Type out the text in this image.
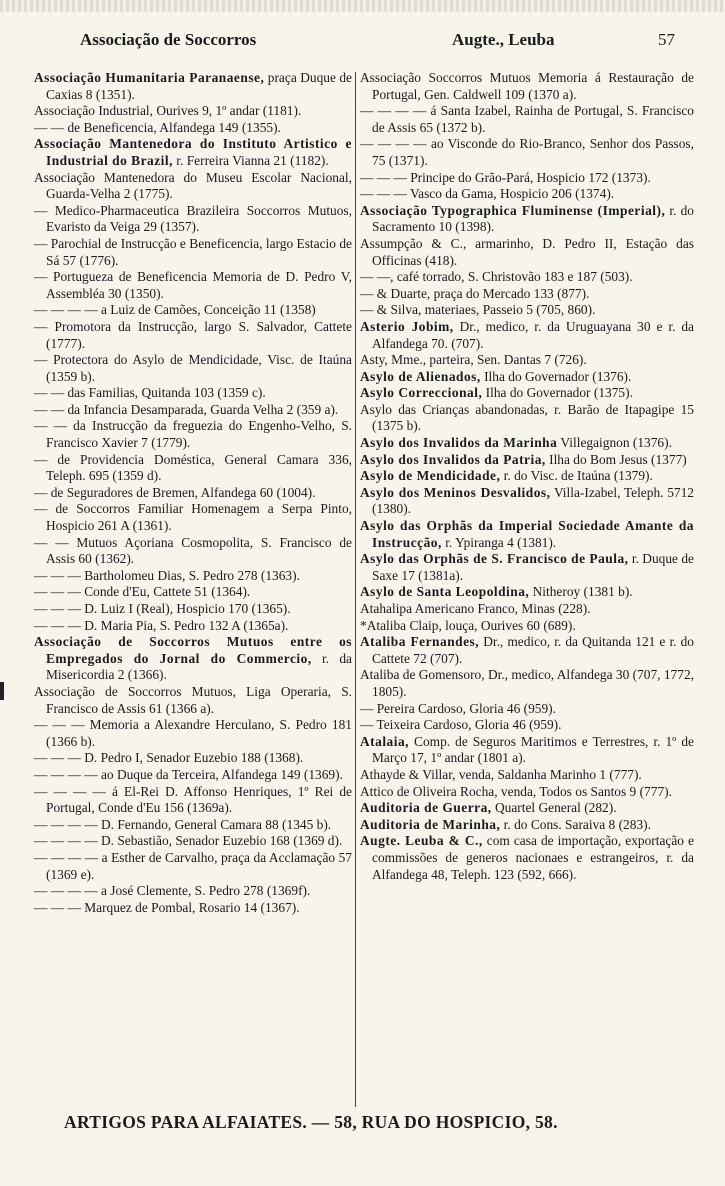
Associação de Soccorros	Augte., Leuba	57

Associação Humanitaria Paranaense, praça Duque de Caxias 8 (1351).

Associação Industrial, Ourives 9, 1º andar (1181).

— — de Beneficencia, Alfandega 149 (1355).

Associação Mantenedora do Instituto Artistico e Industrial do Brazil, r. Ferreira Vianna 21 (1182).

Associação Mantenedora do Museu Escolar Nacional, Guarda-Velha 2 (1775).

— Medico-Pharmaceutica Brazileira Soccorros Mutuos, Evaristo da Veiga 29 (1357).

— Parochial de Instrucção e Beneficencia, largo Estacio de Sá 57 (1776).

— Portugueza de Beneficencia Memoria de D. Pedro V, Assembléa 30 (1350).

— — — — a Luiz de Camões, Conceição 11 (1358)

— Promotora da Instrucção, largo S. Salvador, Cattete (1777).

— Protectora do Asylo de Mendicidade, Visc. de Itaúna (1359 b).

— — das Familias, Quitanda 103 (1359 c).

— — da Infancia Desamparada, Guarda Velha 2 (359 a).

— — da Instrucção da freguezia do Engenho-Velho, S. Francisco Xavier 7 (1779).

— de Providencia Doméstica, General Camara 336, Teleph. 695 (1359 d).

— de Seguradores de Bremen, Alfandega 60 (1004).

— de Soccorros Familiar Homenagem a Serpa Pinto, Hospicio 261 A (1361).

— — Mutuos Açoriana Cosmopolita, S. Francisco de Assis 60 (1362).

— — — Bartholomeu Dias, S. Pedro 278 (1363).

— — — Conde d'Eu, Cattete 51 (1364).

— — — D. Luiz I (Real), Hospicio 170 (1365).

— — — D. Maria Pia, S. Pedro 132 A (1365a).

Associação de Soccorros Mutuos entre os Empregados do Jornal do Commercio, r. da Misericordia 2 (1366).

Associação de Soccorros Mutuos, Liga Operaria, S. Francisco de Assis 61 (1366 a).

— — — Memoria a Alexandre Herculano, S. Pedro 181 (1366 b).

— — — D. Pedro I, Senador Euzebio 188 (1368).

— — — — ao Duque da Terceira, Alfandega 149 (1369).

— — — — á El-Rei D. Affonso Henriques, 1º Rei de Portugal, Conde d'Eu 156 (1369a).

— — — — D. Fernando, General Camara 88 (1345 b).

— — — — D. Sebastião, Senador Euzebio 168 (1369 d).

— — — — a Esther de Carvalho, praça da Acclamação 57 (1369 e).

— — — — a José Clemente, S. Pedro 278 (1369f).

— — — Marquez de Pombal, Rosario 14 (1367).

Associação Soccorros Mutuos Memoria á Restauração de Portugal, Gen. Caldwell 109 (1370 a).

— — — — á Santa Izabel, Rainha de Portugal, S. Francisco de Assis 65 (1372 b).

— — — — ao Visconde do Rio-Branco, Senhor dos Passos, 75 (1371).

— — — Principe do Grão-Pará, Hospicio 172 (1373).

— — — Vasco da Gama, Hospicio 206 (1374).

Associação Typographica Fluminense (Imperial), r. do Sacramento 10 (1398).

Assumpção & C., armarinho, D. Pedro II, Estação das Officinas (418).

— —, café torrado, S. Christovão 183 e 187 (503).

— & Duarte, praça do Mercado 133 (877).

— & Silva, materiaes, Passeio 5 (705, 860).

Asterio Jobim, Dr., medico, r. da Uruguayana 30 e r. da Alfandega 70. (707).

Asty, Mme., parteira, Sen. Dantas 7 (726).

Asylo de Alienados, Ilha do Governador (1376).

Asylo Correccional, Ilha do Governador (1375).

Asylo das Crianças abandonadas, r. Barão de Itapagipe 15 (1375 b).

Asylo dos Invalidos da Marinha Villegaignon (1376).

Asylo dos Invalidos da Patria, Ilha do Bom Jesus (1377)

Asylo de Mendicidade, r. do Visc. de Itaúna (1379).

Asylo dos Meninos Desvalidos, Villa-Izabel, Teleph. 5712 (1380).

Asylo das Orphãs da Imperial Sociedade Amante da Instrucção, r. Ypiranga 4 (1381).

Asylo das Orphãs de S. Francisco de Paula, r. Duque de Saxe 17 (1381a).

Asylo de Santa Leopoldina, Nitheroy (1381 b).

Atahalipa Americano Franco, Minas (228).

*Ataliba Claip, louça, Ourives 60 (689).

Ataliba Fernandes, Dr., medico, r. da Quitanda 121 e r. do Cattete 72 (707).

Ataliba de Gomensoro, Dr., medico, Alfandega 30 (707, 1772, 1805).

— Pereira Cardoso, Gloria 46 (959).

— Teixeira Cardoso, Gloria 46 (959).

Atalaia, Comp. de Seguros Maritimos e Terrestres, r. 1º de Março 17, 1º andar (1801 a).

Athayde & Villar, venda, Saldanha Marinho 1 (777).

Attico de Oliveira Rocha, venda, Todos os Santos 9 (777).

Auditoria de Guerra, Quartel General (282).

Auditoria de Marinha, r. do Cons. Saraiva 8 (283).

Augte. Leuba & C., com casa de importação, exportação e commissões de generos nacionaes e estrangeiros, r. da Alfandega 48, Teleph. 123 (592, 666).

ARTIGOS PARA ALFAIATES. — 58, RUA DO HOSPICIO, 58.
